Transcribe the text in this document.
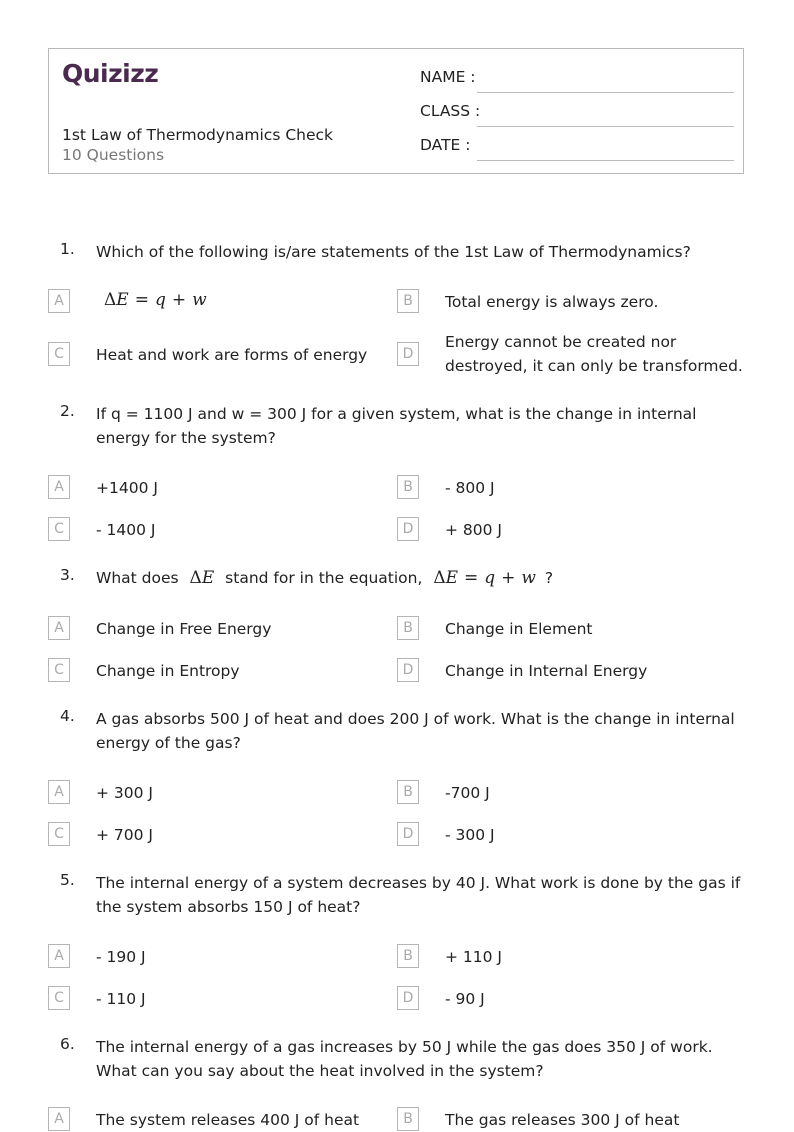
Quizizz
1st Law of Thermodynamics Check
10 Questions
NAME :
CLASS :
DATE :
1. Which of the following is/are statements of the 1st Law of Thermodynamics?
A	ΔE = q + w	B	Total energy is always zero.
C	Heat and work are forms of energy	D
Energy cannot be created nor destroyed, it can only be transformed.
2. If q = 1100 J and w = 300 J for a given system, what is the change in internal energy for the system?
A	+1400 J	B	- 800 J
C	- 1400 J	D	+ 800 J
3. What does ΔE stand for in the equation, ΔE = q + w ?
A	Change in Free Energy	B	Change in Element
C	Change in Entropy	D	Change in Internal Energy
4. A gas absorbs 500 J of heat and does 200 J of work. What is the change in internal energy of the gas?
A	+ 300 J	B	-700 J
C	+ 700 J	D	- 300 J
5. The internal energy of a system decreases by 40 J. What work is done by the gas if the system absorbs 150 J of heat?
A	- 190 J	B	+ 110 J
C	- 110 J	D	- 90 J
6. The internal energy of a gas increases by 50 J while the gas does 350 J of work. What can you say about the heat involved in the system?
A	The system releases 400 J of heat	B	The gas releases 300 J of heat
